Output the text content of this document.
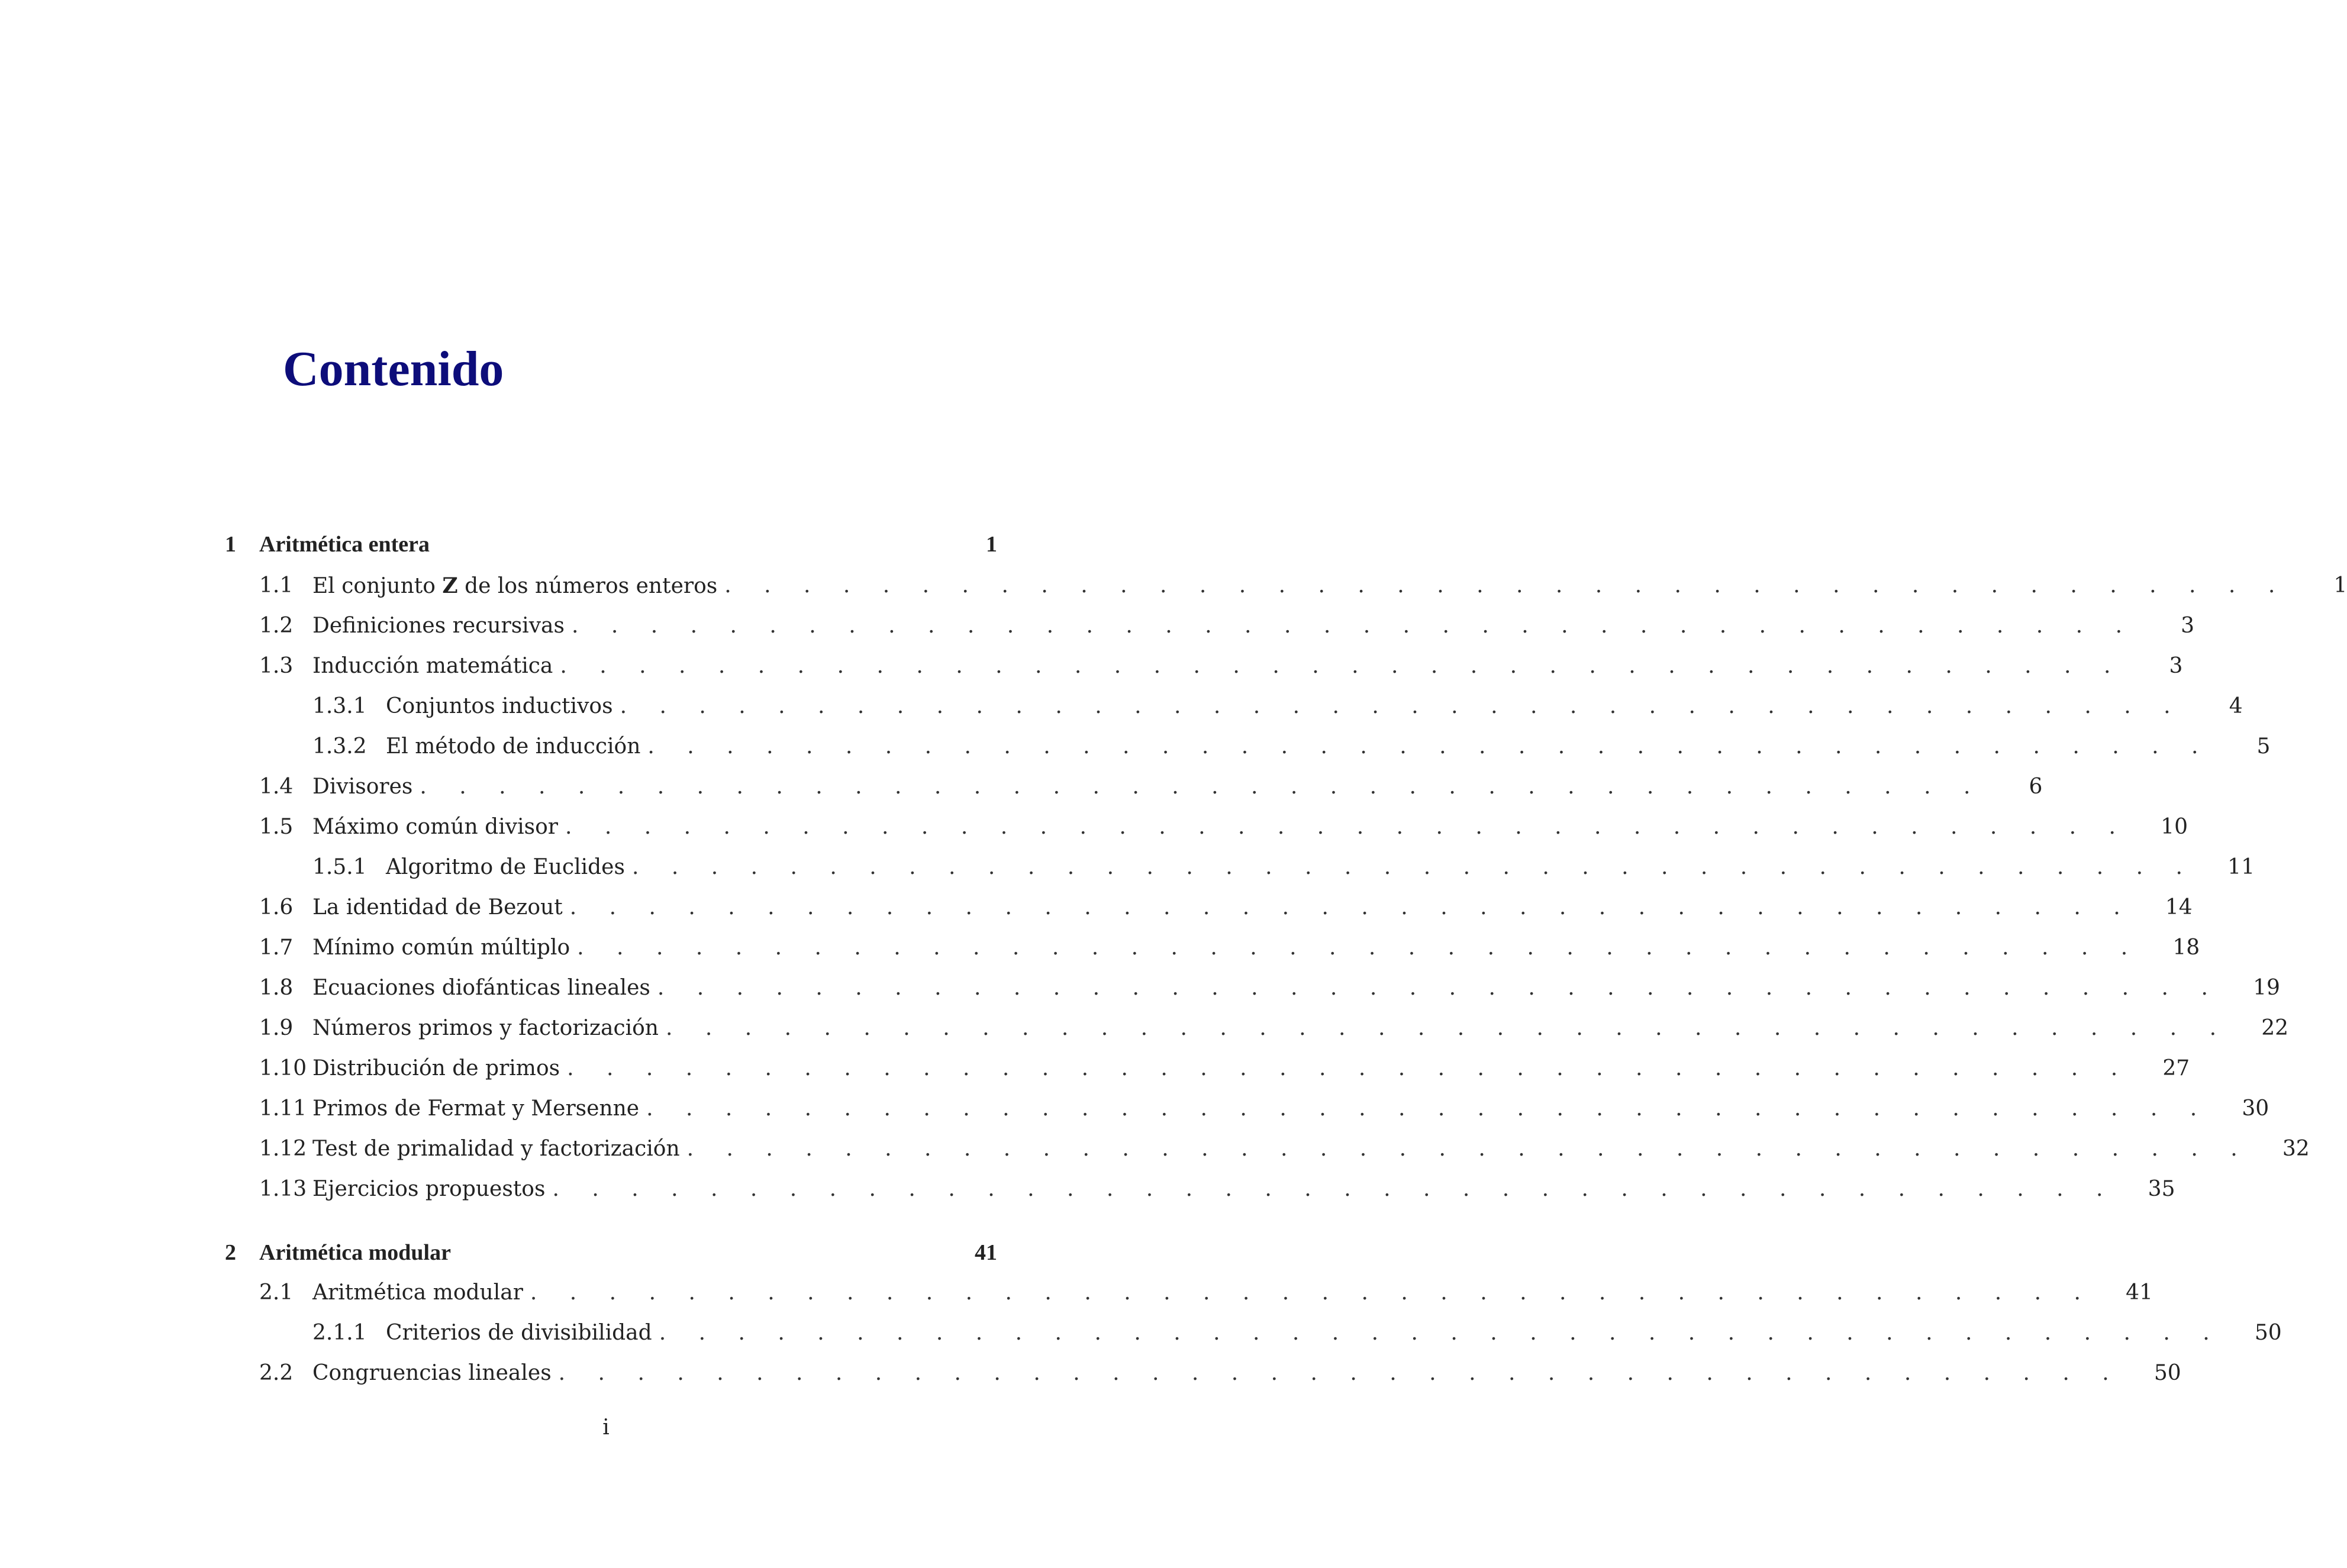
Contenido
1	Aritmética entera	1
1.1 El conjunto Z de los números enteros . . . . . . . . . . . . . . . . . . . . . . . . . . . . . . . . . . . . . . . .	1
1.2 Definiciones recursivas . . . . . . . . . . . . . . . . . . . . . . . . . . . . . . . . . . . . . . . .	3
1.3 Inducción matemática . . . . . . . . . . . . . . . . . . . . . . . . . . . . . . . . . . . . . . . .	3
1.3.1 Conjuntos inductivos . . . . . . . . . . . . . . . . . . . . . . . . . . . . . . . . . . . . . . . .	4
1.3.2 El método de inducción . . . . . . . . . . . . . . . . . . . . . . . . . . . . . . . . . . . . . . . .	5
1.4 Divisores . . . . . . . . . . . . . . . . . . . . . . . . . . . . . . . . . . . . . . . .	6
1.5 Máximo común divisor . . . . . . . . . . . . . . . . . . . . . . . . . . . . . . . . . . . . . . . .	10
1.5.1 Algoritmo de Euclides . . . . . . . . . . . . . . . . . . . . . . . . . . . . . . . . . . . . . . . .	11
1.6 La identidad de Bezout . . . . . . . . . . . . . . . . . . . . . . . . . . . . . . . . . . . . . . . .	14
1.7 Mínimo común múltiplo . . . . . . . . . . . . . . . . . . . . . . . . . . . . . . . . . . . . . . . .	18
1.8 Ecuaciones diofánticas lineales . . . . . . . . . . . . . . . . . . . . . . . . . . . . . . . . . . . . . . . .	19
1.9 Números primos y factorización . . . . . . . . . . . . . . . . . . . . . . . . . . . . . . . . . . . . . . . .	22
1.10 Distribución de primos . . . . . . . . . . . . . . . . . . . . . . . . . . . . . . . . . . . . . . . .	27
1.11 Primos de Fermat y Mersenne . . . . . . . . . . . . . . . . . . . . . . . . . . . . . . . . . . . . . . . .	30
1.12 Test de primalidad y factorización . . . . . . . . . . . . . . . . . . . . . . . . . . . . . . . . . . . . . . . .	32
1.13 Ejercicios propuestos . . . . . . . . . . . . . . . . . . . . . . . . . . . . . . . . . . . . . . . .	35
2	Aritmética modular	41
2.1 Aritmética modular . . . . . . . . . . . . . . . . . . . . . . . . . . . . . . . . . . . . . . . .	41
2.1.1 Criterios de divisibilidad . . . . . . . . . . . . . . . . . . . . . . . . . . . . . . . . . . . . . . . .	50
2.2 Congruencias lineales . . . . . . . . . . . . . . . . . . . . . . . . . . . . . . . . . . . . . . . .	50
i
